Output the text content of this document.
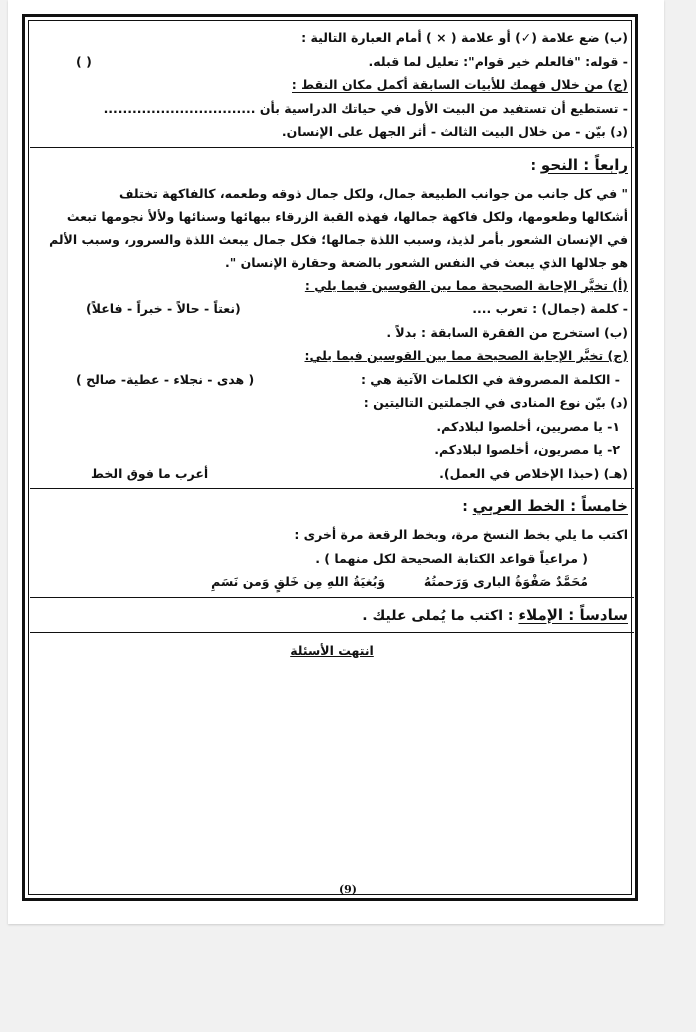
(ب) ضع علامة (✓) أو علامة ( × ) أمام العبارة التالية :
- قوله: "فالعلم خير قوام": تعليل لما قبله.
( )
(ج) من خلال فهمك للأبيات السابقة أكمل مكان النقط :
- تستطيع أن تستفيد من البيت الأول في حياتك الدراسية بأن ................................
(د) بيّن - من خلال البيت الثالث - أثر الجهل على الإنسان.
رابعاً : النحو :
" في كل جانب من جوانب الطبيعة جمال، ولكل جمال ذوقه وطعمه، كالفاكهة تختلف
أشكالها وطعومها، ولكل فاكهة جمالها، فهذه القبة الزرقاء ببهائها وسنائها ولألأ نجومها تبعث
في الإنسان الشعور بأمر لذيذ، وسبب اللذة جمالها؛ فكل جمال يبعث اللذة والسرور، وسبب الألم
هو جلالها الذي يبعث في النفس الشعور بالضعة وحقارة الإنسان ".
(أ) تخيَّر الإجابة الصحيحة مما بين القوسين فيما يلي :
- كلمة (جمال) : تعرب ....
(نعتاً - حالاً - خبراً - فاعلاً)
(ب) استخرج من الفقرة السابقة : بدلاً .
(ج) تخيَّر الإجابة الصحيحة مما بين القوسين فيما يلي:
- الكلمة المصروفة في الكلمات الآتية هي :
( هدى - نجلاء - عطية- صالح )
(د) بيّن نوع المنادى في الجملتين التاليتين :
١- يا مصريين، أخلصوا لبلادكم.
٢- يا مصريون، أخلصوا لبلادكم.
(هـ) (حبذا الإخلاص في العمل).
أعرب ما فوق الخط
خامساً : الخط العربي :
اكتب ما يلي بخط النسخ مرة، وبخط الرقعة مرة أخرى :
( مراعياً قواعد الكتابة الصحيحة لكل منهما ) .
مُحَمَّدٌ صَفْوَةُ البارى وَرَحمتُهُ  وَبُغيَةُ اللهِ مِن خَلقٍ وَمن نَسَمِ
سادساً : الإملاء : اكتب ما يُملى عليك .
انتهت الأسئلة
(9)
